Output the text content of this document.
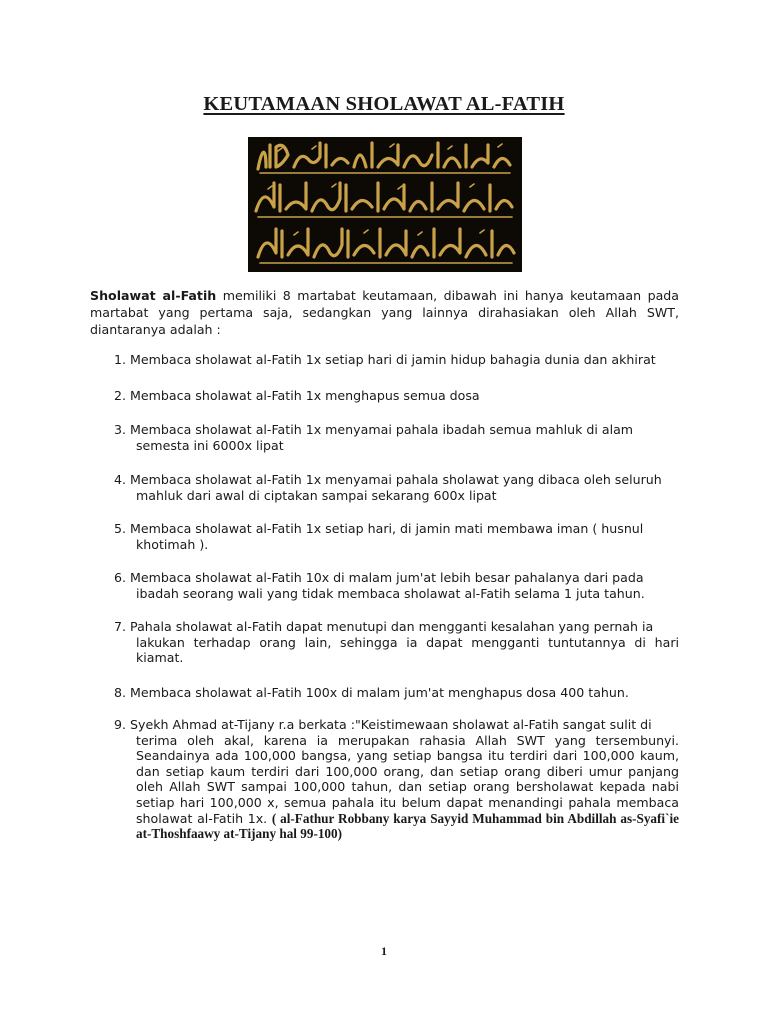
KEUTAMAAN SHOLAWAT AL-FATIH
Sholawat al-Fatih memiliki 8 martabat keutamaan, dibawah ini hanya keutamaan pada martabat yang pertama saja, sedangkan yang lainnya dirahasiakan oleh Allah SWT, diantaranya adalah :
1. Membaca sholawat al-Fatih 1x setiap hari di jamin hidup bahagia dunia dan akhirat
2. Membaca sholawat al-Fatih 1x menghapus semua dosa
3. Membaca sholawat al-Fatih 1x menyamai pahala ibadah semua mahluk di alam
semesta ini 6000x lipat
4. Membaca sholawat al-Fatih 1x menyamai pahala sholawat yang dibaca oleh seluruh
mahluk dari awal di ciptakan sampai sekarang 600x lipat
5. Membaca sholawat al-Fatih 1x setiap hari, di jamin mati membawa iman ( husnul
khotimah ).
6. Membaca sholawat al-Fatih 10x di malam jum'at lebih besar pahalanya dari pada
ibadah seorang wali yang tidak membaca sholawat al-Fatih selama 1 juta tahun.
7. Pahala sholawat al-Fatih dapat menutupi dan mengganti kesalahan yang pernah ia
lakukan terhadap orang lain, sehingga ia dapat mengganti tuntutannya di hari kiamat.
8. Membaca sholawat al-Fatih 100x di malam jum'at menghapus dosa 400 tahun.
9. Syekh Ahmad at-Tijany r.a berkata :"Keistimewaan sholawat al-Fatih sangat sulit di
terima oleh akal, karena ia merupakan rahasia Allah SWT yang tersembunyi. Seandainya ada 100,000 bangsa, yang setiap bangsa itu terdiri dari 100,000 kaum, dan setiap kaum terdiri dari 100,000 orang, dan setiap orang diberi umur panjang oleh Allah SWT sampai 100,000 tahun, dan setiap orang bersholawat kepada nabi setiap hari 100,000 x, semua pahala itu belum dapat menandingi pahala membaca sholawat al-Fatih 1x. ( al-Fathur Robbany karya Sayyid Muhammad bin Abdillah as-Syafi`ie at-Thoshfaawy at-Tijany hal 99-100)
1
